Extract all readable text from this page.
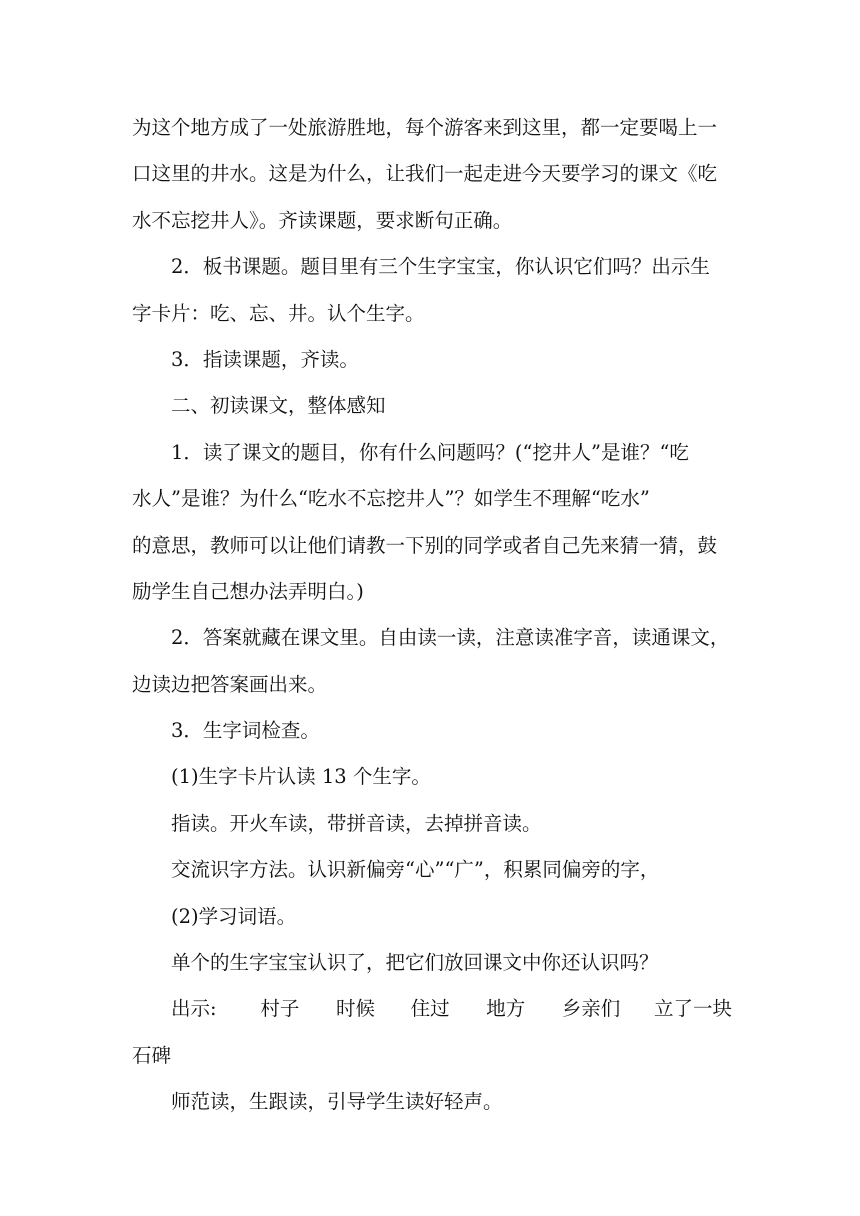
为这个地方成了一处旅游胜地，每个游客来到这里，都一定要喝上一
口这里的井水。这是为什么，让我们一起走进今天要学习的课文《吃
水不忘挖井人》。齐读课题，要求断句正确。
2．板书课题。题目里有三个生字宝宝，你认识它们吗？出示生
字卡片：吃、忘、井。认个生字。
3．指读课题，齐读。
二、初读课文，整体感知
1．读了课文的题目，你有什么问题吗？(“挖井人”是谁？“吃
水人”是谁？为什么“吃水不忘挖井人”？如学生不理解“吃水”
的意思，教师可以让他们请教一下别的同学或者自己先来猜一猜，鼓
励学生自己想办法弄明白。)
2．答案就藏在课文里。自由读一读，注意读准字音，读通课文，
边读边把答案画出来。
3．生字词检查。
(1)生字卡片认读 13 个生字。
指读。开火车读，带拼音读，去掉拼音读。
交流识字方法。认识新偏旁“心”“广”，积累同偏旁的字，
(2)学习词语。
单个的生字宝宝认识了，把它们放回课文中你还认识吗？
出示:	村子	时候	住过	地方	乡亲们	立了一块
石碑
师范读，生跟读，引导学生读好轻声。
